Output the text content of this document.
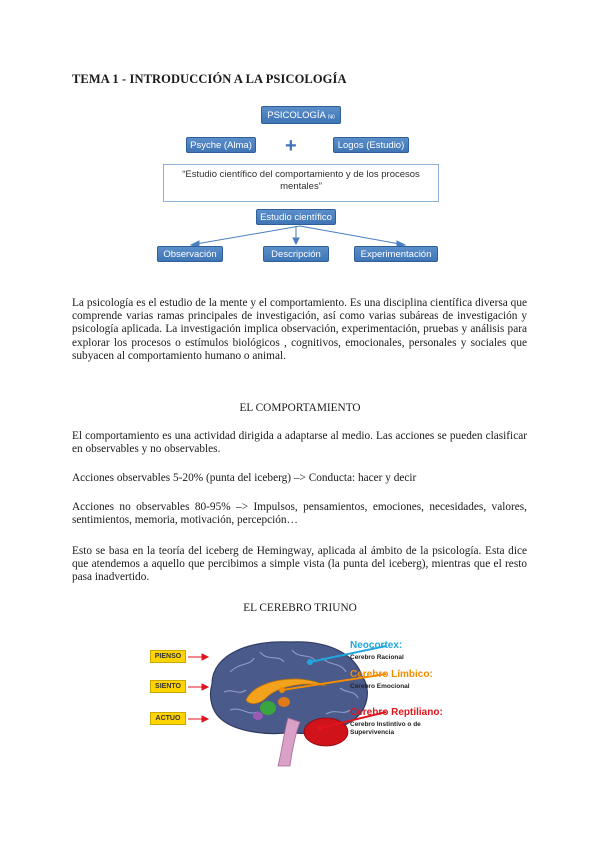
TEMA 1 - INTRODUCCIÓN A LA PSICOLOGÍA
PSICOLOGÍA (ψ)
Psyche (Alma) +	Logos (Estudio)
“Estudio científico del comportamiento y de los procesos mentales”
Estudio científico
Observación	Descripción	Experimentación
La psicología es el estudio de la mente y el comportamiento. Es una disciplina científica diversa que comprende varias ramas principales de investigación, así como varias subáreas de investigación y psicología aplicada. La investigación implica observación, experimentación, pruebas y análisis para explorar los procesos o estímulos biológicos , cognitivos, emocionales, personales y sociales que subyacen al comportamiento humano o animal.
EL COMPORTAMIENTO
El comportamiento es una actividad dirigida a adaptarse al medio. Las acciones se pueden clasificar en observables y no observables.
Acciones observables 5-20% (punta del iceberg) –> Conducta: hacer y decir
Acciones no observables 80-95% –> Impulsos, pensamientos, emociones, necesidades, valores, sentimientos, memoria, motivación, percepción…
Esto se basa en la teoría del iceberg de Hemingway, aplicada al ámbito de la psicología. Esta dice que atendemos a aquello que percibimos a simple vista (la punta del iceberg), mientras que el resto pasa inadvertido.
EL CEREBRO TRIUNO
PIENSO
SIENTO
ACTUO
Neocortex:
Cerebro Racional
Cerebro Límbico:
Cerebro Emocional
Cerebro Reptiliano:
Cerebro Instintivo o de Supervivencia
